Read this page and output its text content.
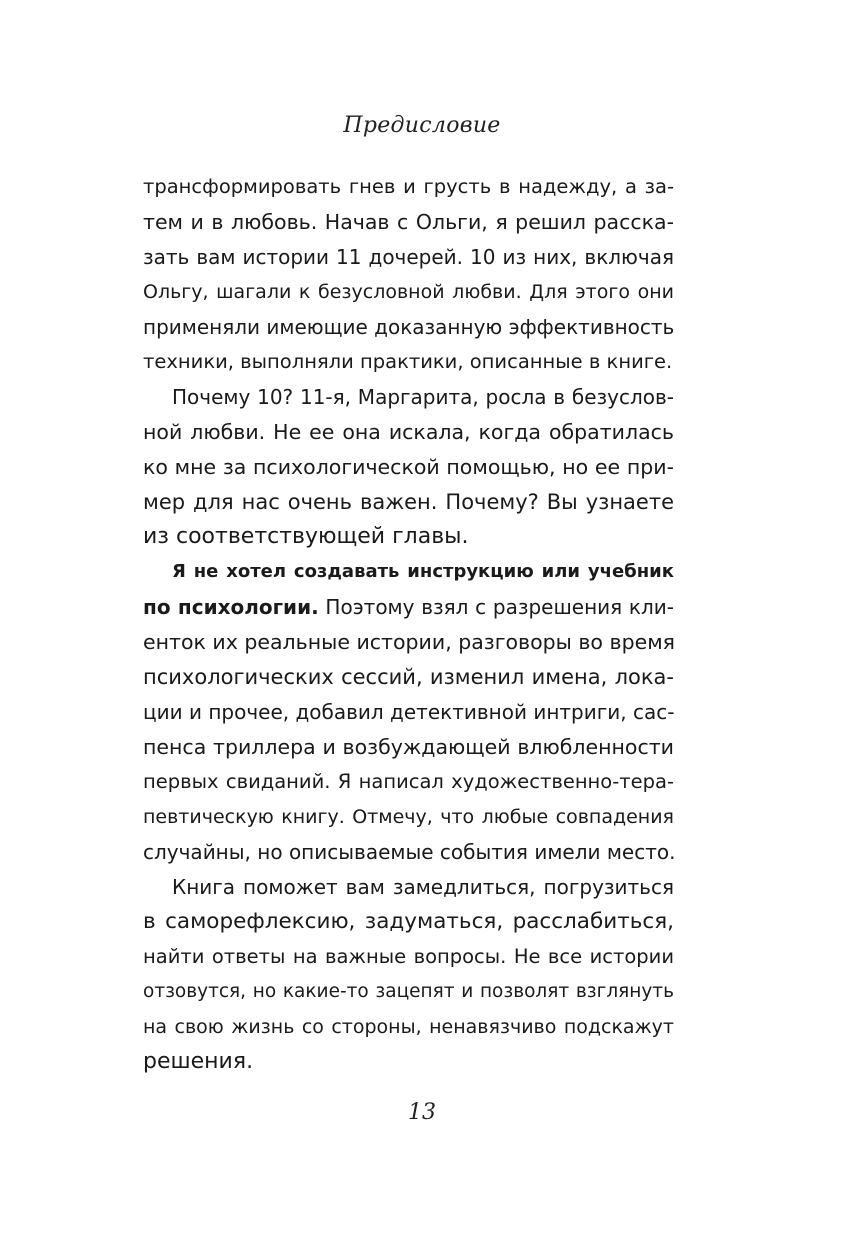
Предисловие
трансформировать гнев и грусть в надежду, а за-
тем и в любовь. Начав с Ольги, я решил расска-
зать вам истории 11 дочерей. 10 из них, включая
Ольгу, шагали к безусловной любви. Для этого они
применяли имеющие доказанную эффективность
техники, выполняли практики, описанные в книге.
Почему 10? 11-я, Маргарита, росла в безуслов-
ной любви. Не ее она искала, когда обратилась
ко мне за психологической помощью, но ее при-
мер для нас очень важен. Почему? Вы узнаете
из соответствующей главы.
Я не хотел создавать инструкцию или учебник
по психологии. Поэтому взял с разрешения кли-
енток их реальные истории, разговоры во время
психологических сессий, изменил имена, лока-
ции и прочее, добавил детективной интриги, сас-
пенса триллера и возбуждающей влюбленности
первых свиданий. Я написал художественно-тера-
певтическую книгу. Отмечу, что любые совпадения
случайны, но описываемые события имели место.
Книга поможет вам замедлиться, погрузиться
в саморефлексию, задуматься, расслабиться,
найти ответы на важные вопросы. Не все истории
отзовутся, но какие-то зацепят и позволят взглянуть
на свою жизнь со стороны, ненавязчиво подскажут
решения.
13
